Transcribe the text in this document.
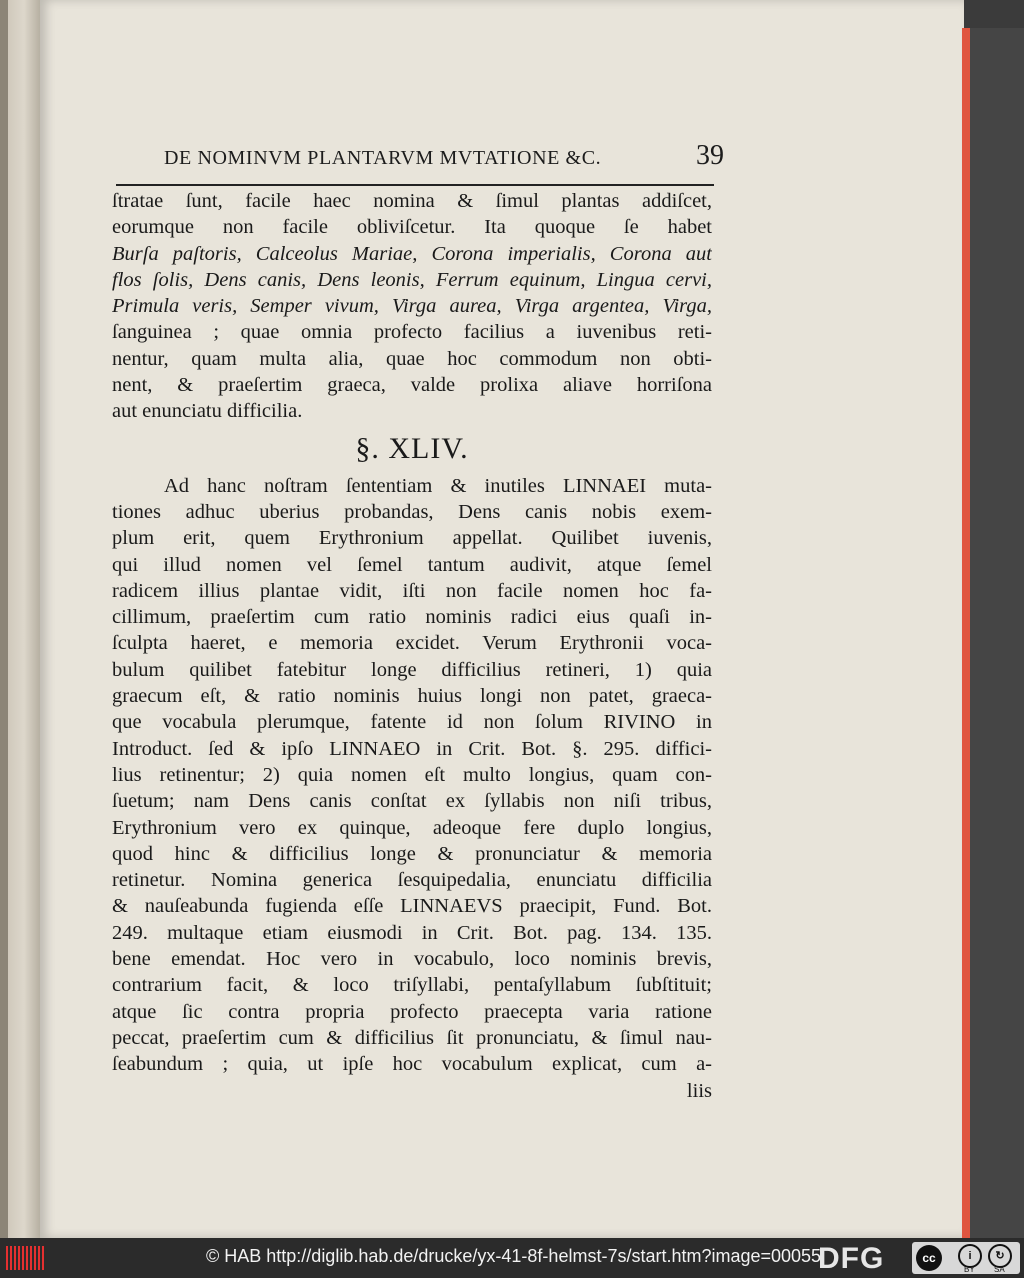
DE NOMINVM PLANTARVM MVTATIONE &C.	39
ſtratae ſunt, facile haec nomina & ſimul plantas addiſcet,
eorumque non facile obliviſcetur. Ita quoque ſe habet
Burſa paſtoris, Calceolus Mariae, Corona imperialis, Corona aut
flos ſolis, Dens canis, Dens leonis, Ferrum equinum, Lingua cervi,
Primula veris, Semper vivum, Virga aurea, Virga argentea, Virga,
ſanguinea ; quae omnia profecto facilius a iuvenibus reti-
nentur, quam multa alia, quae hoc commodum non obti-
nent, & praeſertim graeca, valde prolixa aliave horriſona
aut enunciatu difficilia.
§. XLIV.
Ad hanc noſtram ſententiam & inutiles LINNAEI muta-
tiones adhuc uberius probandas, Dens canis nobis exem-
plum erit, quem Erythronium appellat. Quilibet iuvenis,
qui illud nomen vel ſemel tantum audivit, atque ſemel
radicem illius plantae vidit, iſti non facile nomen hoc fa-
cillimum, praeſertim cum ratio nominis radici eius quaſi in-
ſculpta haeret, e memoria excidet. Verum Erythronii voca-
bulum quilibet fatebitur longe difficilius retineri, 1) quia
graecum eſt, & ratio nominis huius longi non patet, graeca-
que vocabula plerumque, fatente id non ſolum RIVINO in
Introduct. ſed & ipſo LINNAEO in Crit. Bot. §. 295. diffici-
lius retinentur; 2) quia nomen eſt multo longius, quam con-
ſuetum; nam Dens canis conſtat ex ſyllabis non niſi tribus,
Erythronium vero ex quinque, adeoque fere duplo longius,
quod hinc & difficilius longe & pronunciatur & memoria
retinetur. Nomina generica ſesquipedalia, enunciatu difficilia
& nauſeabunda fugienda eſſe LINNAEVS praecipit, Fund. Bot.
249. multaque etiam eiusmodi in Crit. Bot. pag. 134. 135.
bene emendat. Hoc vero in vocabulo, loco nominis brevis,
contrarium facit, & loco triſyllabi, pentaſyllabum ſubſtituit;
atque ſic contra propria profecto praecepta varia ratione
peccat, praeſertim cum & difficilius ſit pronunciatu, & ſimul nau-
ſeabundum ; quia, ut ipſe hoc vocabulum explicat, cum a-
liis
© HAB http://diglib.hab.de/drucke/yx-41-8f-helmst-7s/start.htm?image=00055
DFG	cc	i	↻
BY SA
